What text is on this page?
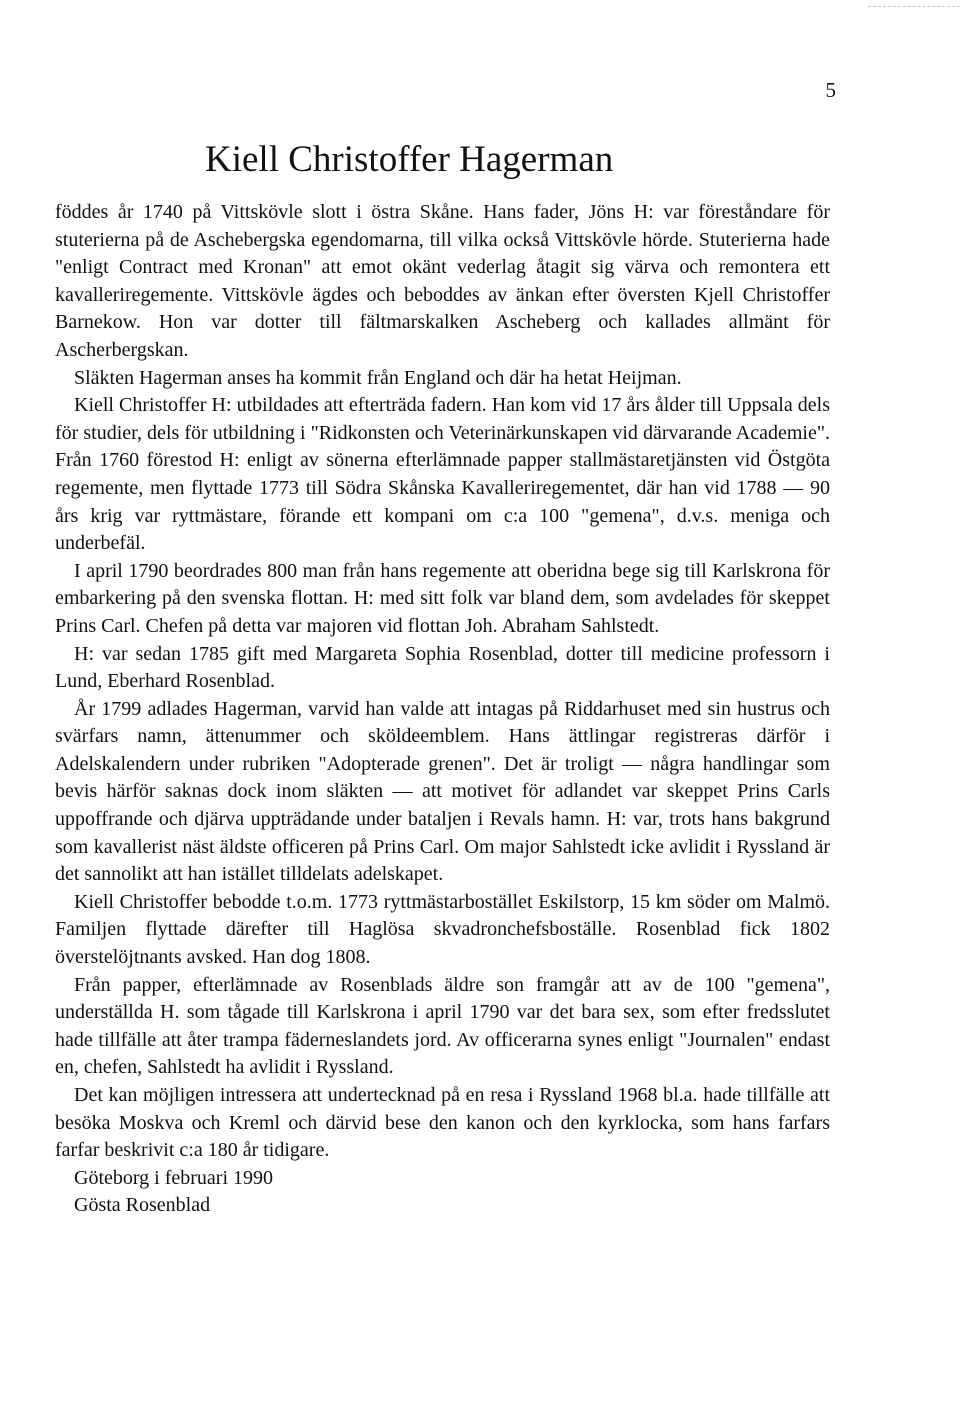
5
Kiell Christoffer Hagerman

föddes år 1740 på Vittskövle slott i östra Skåne. Hans fader, Jöns H: var föreståndare för stuterierna på de Aschebergska egendomarna, till vilka också Vittskövle hörde. Stuterierna hade "enligt Contract med Kronan" att emot okänt vederlag åtagit sig värva och remontera ett kavalleriregemente. Vittskövle ägdes och beboddes av änkan efter översten Kjell Christoffer Barnekow. Hon var dotter till fältmarskalken Ascheberg och kallades allmänt för Ascherbergskan.

Släkten Hagerman anses ha kommit från England och där ha hetat Heijman.

Kiell Christoffer H: utbildades att efterträda fadern. Han kom vid 17 års ålder till Uppsala dels för studier, dels för utbildning i "Ridkonsten och Veterinärkunskapen vid därvarande Academie". Från 1760 förestod H: enligt av sönerna efterlämnade papper stallmästaretjänsten vid Östgöta regemente, men flyttade 1773 till Södra Skånska Kavalleriregementet, där han vid 1788 — 90 års krig var ryttmästare, förande ett kompani om c:a 100 "gemena", d.v.s. meniga och underbefäl.

I april 1790 beordrades 800 man från hans regemente att oberidna bege sig till Karlskrona för embarkering på den svenska flottan. H: med sitt folk var bland dem, som avdelades för skeppet Prins Carl. Chefen på detta var majoren vid flottan Joh. Abraham Sahlstedt.

H: var sedan 1785 gift med Margareta Sophia Rosenblad, dotter till medicine professorn i Lund, Eberhard Rosenblad.

År 1799 adlades Hagerman, varvid han valde att intagas på Riddarhuset med sin hustrus och svärfars namn, ättenummer och sköldeemblem. Hans ättlingar registreras därför i Adelskalendern under rubriken "Adopterade grenen". Det är troligt — några handlingar som bevis härför saknas dock inom släkten — att motivet för adlandet var skeppet Prins Carls uppoffrande och djärva uppträdande under bataljen i Revals hamn. H: var, trots hans bakgrund som kavallerist näst äldste officeren på Prins Carl. Om major Sahlstedt icke avlidit i Ryssland är det sannolikt att han istället tilldelats adelskapet.

Kiell Christoffer bebodde t.o.m. 1773 ryttmästarbostället Eskilstorp, 15 km söder om Malmö. Familjen flyttade därefter till Haglösa skvadronchefsboställe. Rosenblad fick 1802 överstelöjtnants avsked. Han dog 1808.

Från papper, efterlämnade av Rosenblads äldre son framgår att av de 100 "gemena", underställda H. som tågade till Karlskrona i april 1790 var det bara sex, som efter fredsslutet hade tillfälle att åter trampa fäderneslandets jord. Av officerarna synes enligt "Journalen" endast en, chefen, Sahlstedt ha avlidit i Ryssland.

Det kan möjligen intressera att undertecknad på en resa i Ryssland 1968 bl.a. hade tillfälle att besöka Moskva och Kreml och därvid bese den kanon och den kyrklocka, som hans farfars farfar beskrivit c:a 180 år tidigare.

Göteborg i februari 1990

Gösta Rosenblad
